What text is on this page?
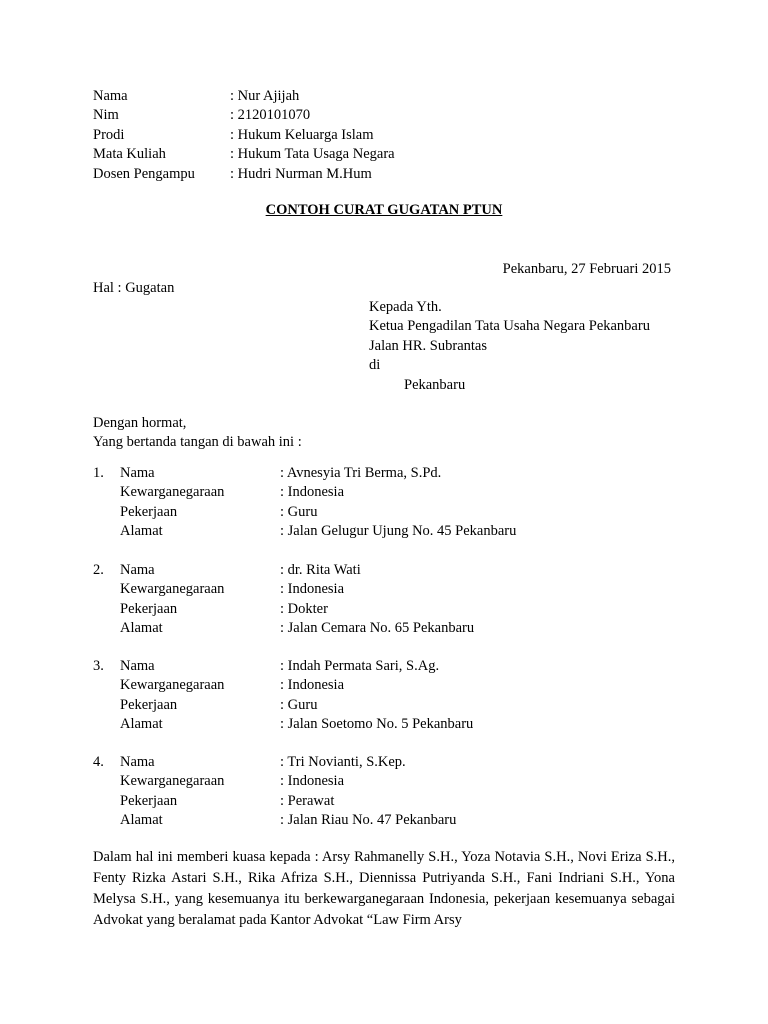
Nama	: Nur Ajijah
Nim	: 2120101070
Prodi	: Hukum Keluarga Islam
Mata Kuliah	: Hukum Tata Usaga Negara
Dosen Pengampu	: Hudri Nurman M.Hum
CONTOH CURAT GUGATAN PTUN
Pekanbaru, 27 Februari 2015
Hal : Gugatan
Kepada Yth.
Ketua Pengadilan Tata Usaha Negara Pekanbaru
Jalan HR. Subrantas
di
Pekanbaru
Dengan hormat,
Yang bertanda tangan di bawah ini :
1.	Nama	: Avnesyia Tri Berma, S.Pd.
Kewarganegaraan	: Indonesia
Pekerjaan	: Guru
Alamat	: Jalan Gelugur Ujung No. 45 Pekanbaru
2.	Nama	: dr. Rita Wati
Kewarganegaraan	: Indonesia
Pekerjaan	: Dokter
Alamat	: Jalan Cemara No. 65 Pekanbaru
3.	Nama	: Indah Permata Sari, S.Ag.
Kewarganegaraan	: Indonesia
Pekerjaan	: Guru
Alamat	: Jalan Soetomo No. 5 Pekanbaru
4.	Nama	: Tri Novianti, S.Kep.
Kewarganegaraan	: Indonesia
Pekerjaan	: Perawat
Alamat	: Jalan Riau No. 47 Pekanbaru

Dalam hal ini memberi kuasa kepada : Arsy Rahmanelly S.H., Yoza Notavia S.H., Novi Eriza S.H., Fenty Rizka Astari S.H., Rika Afriza S.H., Diennissa Putriyanda S.H., Fani Indriani S.H., Yona Melysa S.H., yang kesemuanya itu berkewarganegaraan Indonesia, pekerjaan kesemuanya sebagai Advokat yang beralamat pada Kantor Advokat “Law Firm Arsy
